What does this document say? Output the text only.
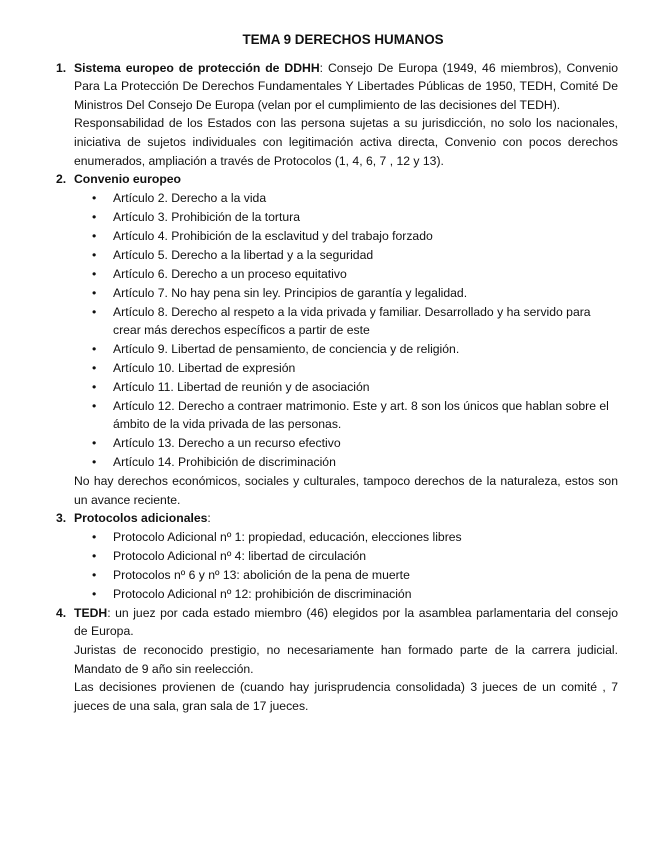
TEMA 9 DERECHOS HUMANOS
1. Sistema europeo de protección de DDHH: Consejo De Europa (1949, 46 miembros), Convenio Para La Protección De Derechos Fundamentales Y Libertades Públicas de 1950, TEDH, Comité De Ministros Del Consejo De Europa (velan por el cumplimiento de las decisiones del TEDH).

Responsabilidad de los Estados con las persona sujetas a su jurisdicción, no solo los nacionales, iniciativa de sujetos individuales con legitimación activa directa, Convenio con pocos derechos enumerados, ampliación a través de Protocolos (1, 4, 6, 7 , 12 y 13).

2. Convenio europeo

• Artículo 2. Derecho a la vida
• Artículo 3. Prohibición de la tortura
• Artículo 4. Prohibición de la esclavitud y del trabajo forzado
• Artículo 5. Derecho a la libertad y a la seguridad
• Artículo 6. Derecho a un proceso equitativo
• Artículo 7. No hay pena sin ley. Principios de garantía y legalidad.
• Artículo 8. Derecho al respeto a la vida privada y familiar. Desarrollado y ha servido para crear más derechos específicos a partir de este
• Artículo 9. Libertad de pensamiento, de conciencia y de religión.
• Artículo 10. Libertad de expresión
• Artículo 11. Libertad de reunión y de asociación
• Artículo 12. Derecho a contraer matrimonio. Este y art. 8 son los únicos que hablan sobre el ámbito de la vida privada de las personas.
• Artículo 13. Derecho a un recurso efectivo
• Artículo 14. Prohibición de discriminación

No hay derechos económicos, sociales y culturales, tampoco derechos de la naturaleza, estos son un avance reciente.

3. Protocolos adicionales:

• Protocolo Adicional nº 1: propiedad, educación, elecciones libres
• Protocolo Adicional nº 4: libertad de circulación
• Protocolos nº 6 y nº 13: abolición de la pena de muerte
• Protocolo Adicional nº 12: prohibición de discriminación
4. TEDH: un juez por cada estado miembro (46) elegidos por la asamblea parlamentaria del consejo de Europa.

Juristas de reconocido prestigio, no necesariamente han formado parte de la carrera judicial. Mandato de 9 año sin reelección.

Las decisiones provienen de (cuando hay jurisprudencia consolidada) 3 jueces de un comité , 7 jueces de una sala, gran sala de 17 jueces.
